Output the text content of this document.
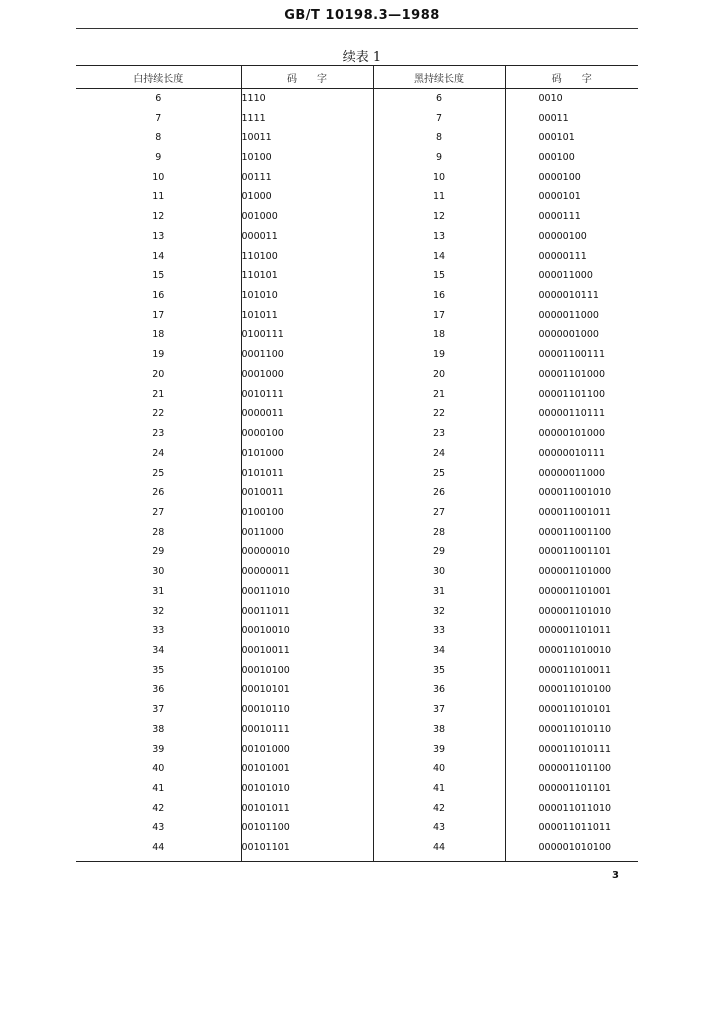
GB/T 10198.3—1988
续表 1
白持续长度	码　　字	黑持续长度	码　　字
6	1110	6	0010
7	1111	7	00011
8	10011	8	000101
9	10100	9	000100
10	00111	10	0000100
11	01000	11	0000101
12	001000	12	0000111
13	000011	13	00000100
14	110100	14	00000111
15	110101	15	000011000
16	101010	16	0000010111
17	101011	17	0000011000
18	0100111	18	0000001000
19	0001100	19	00001100111
20	0001000	20	00001101000
21	0010111	21	00001101100
22	0000011	22	00000110111
23	0000100	23	00000101000
24	0101000	24	00000010111
25	0101011	25	00000011000
26	0010011	26	000011001010
27	0100100	27	000011001011
28	0011000	28	000011001100
29	00000010	29	000011001101
30	00000011	30	000001101000
31	00011010	31	000001101001
32	00011011	32	000001101010
33	00010010	33	000001101011
34	00010011	34	000011010010
35	00010100	35	000011010011
36	00010101	36	000011010100
37	00010110	37	000011010101
38	00010111	38	000011010110
39	00101000	39	000011010111
40	00101001	40	000001101100
41	00101010	41	000001101101
42	00101011	42	000011011010
43	00101100	43	000011011011
44	00101101	44	000001010100
3
